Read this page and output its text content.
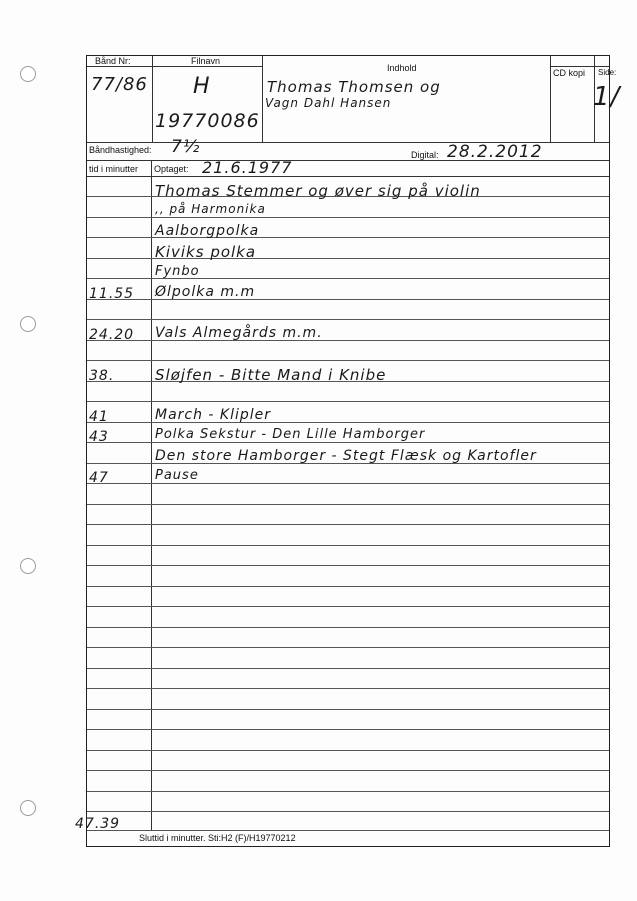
Bånd Nr:	Filnavn
Indhold	CD kopi Side:
77/86 H
19770086
Thomas Thomsen og
Vagn Dahl Hansen	1/
Båndhastighed: 7½	Digital: 28.2.2012
tid i minutter Optaget: 21.6.1977
Thomas Stemmer og øver sig på violin
,, på Harmonika
Aalborgpolka
Kiviks polka
Fynbo
11.55 Ølpolka m.m
24.20 Vals Almegårds m.m.
38.	Sløjfen - Bitte Mand i Knibe
41	March - Klipler
43	Polka Sekstur - Den Lille Hamborger
Den store Hamborger - Stegt Flæsk og Kartofler
47	Pause
47.39
Sluttid i minutter. Sti:H2 (F)/H19770212
